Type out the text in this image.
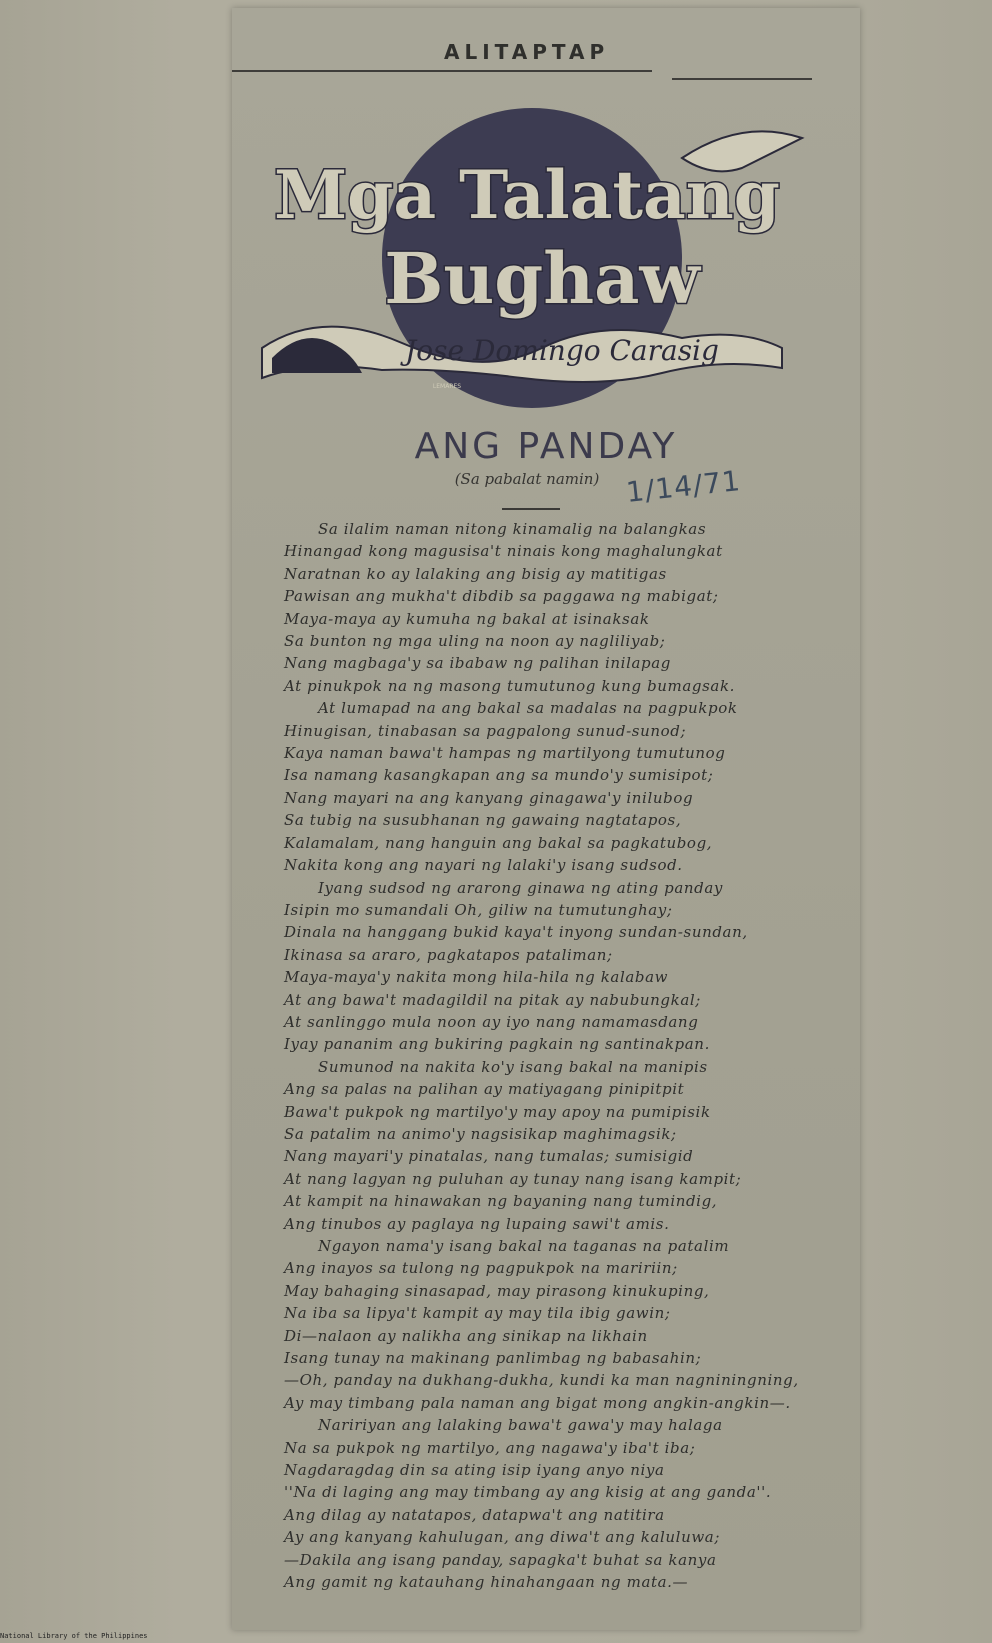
ALITAPTAP
Mga Talatang
Bughaw
Jose Domingo Carasig
LEMARES
ANG PANDAY
(Sa pabalat namin) 1/14/71
Sa ilalim naman nitong kinamalig na balangkas
Hinangad kong magusisa't ninais kong maghalungkat
Naratnan ko ay lalaking ang bisig ay matitigas
Pawisan ang mukha't dibdib sa paggawa ng mabigat;
Maya-maya ay kumuha ng bakal at isinaksak
Sa bunton ng mga uling na noon ay nagliliyab;
Nang magbaga'y sa ibabaw ng palihan inilapag
At pinukpok na ng masong tumutunog kung bumagsak.
At lumapad na ang bakal sa madalas na pagpukpok
Hinugisan, tinabasan sa pagpalong sunud-sunod;
Kaya naman bawa't hampas ng martilyong tumutunog
Isa namang kasangkapan ang sa mundo'y sumisipot;
Nang mayari na ang kanyang ginagawa'y inilubog
Sa tubig na susubhanan ng gawaing nagtatapos,
Kalamalam, nang hanguin ang bakal sa pagkatubog,
Nakita kong ang nayari ng lalaki'y isang sudsod.
Iyang sudsod ng ararong ginawa ng ating panday
Isipin mo sumandali Oh, giliw na tumutunghay;
Dinala na hanggang bukid kaya't inyong sundan-sundan,
Ikinasa sa araro, pagkatapos pataliman;
Maya-maya'y nakita mong hila-hila ng kalabaw
At ang bawa't madagildil na pitak ay nabubungkal;
At sanlinggo mula noon ay iyo nang namamasdang
Iyay pananim ang bukiring pagkain ng santinakpan.
Sumunod na nakita ko'y isang bakal na manipis
Ang sa palas na palihan ay matiyagang pinipitpit
Bawa't pukpok ng martilyo'y may apoy na pumipisik
Sa patalim na animo'y nagsisikap maghimagsik;
Nang mayari'y pinatalas, nang tumalas; sumisigid
At nang lagyan ng puluhan ay tunay nang isang kampit;
At kampit na hinawakan ng bayaning nang tumindig,
Ang tinubos ay paglaya ng lupaing sawi't amis.
Ngayon nama'y isang bakal na taganas na patalim
Ang inayos sa tulong ng pagpukpok na maririin;
May bahaging sinasapad, may pirasong kinukuping,
Na iba sa lipya't kampit ay may tila ibig gawin;
Di—nalaon ay nalikha ang sinikap na likhain
Isang tunay na makinang panlimbag ng babasahin;
—Oh, panday na dukhang-dukha, kundi ka man nagniningning,
Ay may timbang pala naman ang bigat mong angkin-angkin—.
Naririyan ang lalaking bawa't gawa'y may halaga
Na sa pukpok ng martilyo, ang nagawa'y iba't iba;
Nagdaragdag din sa ating isip iyang anyo niya
''Na di laging ang may timbang ay ang kisig at ang ganda''.
Ang dilag ay natatapos, datapwa't ang natitira
Ay ang kanyang kahulugan, ang diwa't ang kaluluwa;
—Dakila ang isang panday, sapagka't buhat sa kanya
Ang gamit ng katauhang hinahangaan ng mata.—
National Library of the Philippines
